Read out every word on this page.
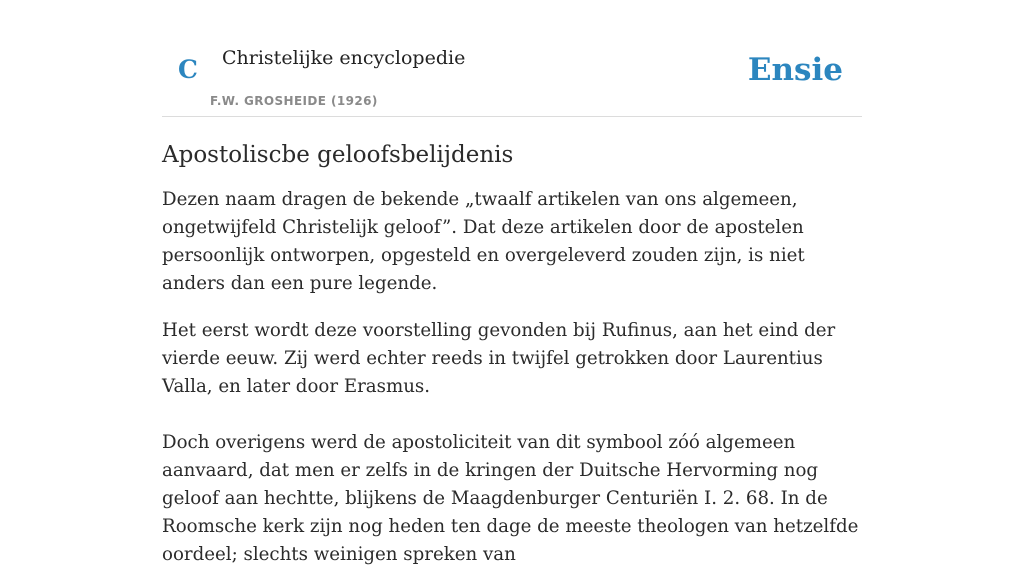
C Christelijke encyclopedie
F.W. GROSHEIDE (1926)
Ensie
Apostoliscbe geloofsbelijdenis

Dezen naam dragen de bekende „twaalf artikelen van ons algemeen, ongetwijfeld Christelijk geloof”. Dat deze artikelen door de apostelen persoonlijk ontworpen, opgesteld en overgeleverd zouden zijn, is niet anders dan een pure legende.

Het eerst wordt deze voorstelling gevonden bij Rufinus, aan het eind der vierde eeuw. Zij werd echter reeds in twijfel getrokken door Laurentius Valla, en later door Erasmus.

Doch overigens werd de apostoliciteit van dit symbool zóó algemeen aanvaard, dat men er zelfs in de kringen der Duitsche Hervorming nog geloof aan hechtte, blijkens de Maagdenburger Centuriën I. 2. 68. In de Roomsche kerk zijn nog heden ten dage de meeste theologen van hetzelfde oordeel; slechts weinigen spreken van
